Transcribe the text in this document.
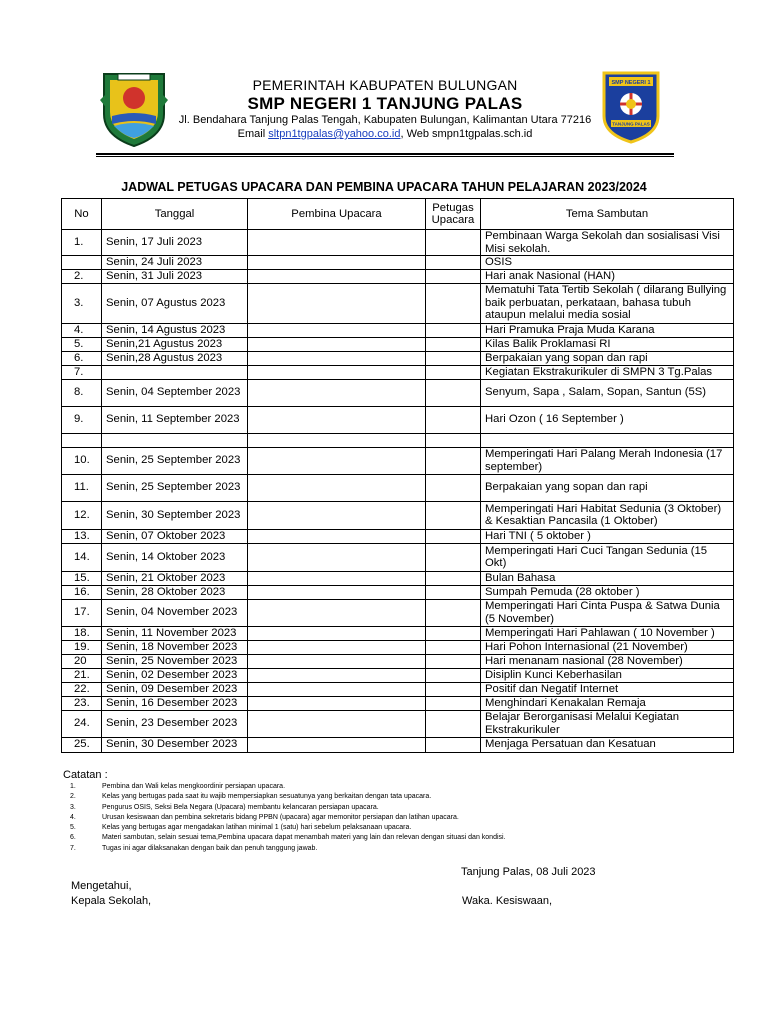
PEMERINTAH KABUPATEN BULUNGAN
SMP NEGERI 1 TANJUNG PALAS
Jl. Bendahara Tanjung Palas Tengah, Kabupaten Bulungan, Kalimantan Utara 77216
Email sltpn1tgpalas@yahoo.co.id, Web smpn1tgpalas.sch.id
SMP NEGERI 1
TANJUNG PALAS
JADWAL PETUGAS UPACARA DAN PEMBINA UPACARA TAHUN PELAJARAN 2023/2024
No	Tanggal	Pembina Upacara	Petugas Upacara	Tema Sambutan
1.	Senin, 17 Juli 2023			Pembinaan Warga Sekolah dan sosialisasi Visi Misi sekolah.
	Senin, 24 Juli 2023			OSIS
2.	Senin, 31 Juli 2023			Hari anak Nasional (HAN)
3.	Senin, 07 Agustus 2023			Mematuhi Tata Tertib Sekolah ( dilarang Bullying baik perbuatan, perkataan, bahasa tubuh ataupun melalui media sosial
4.	Senin, 14 Agustus 2023			Hari Pramuka Praja Muda Karana
5.	Senin,21 Agustus 2023			Kilas Balik Proklamasi RI
6.	Senin,28 Agustus 2023			Berpakaian yang sopan dan rapi
7.				Kegiatan Ekstrakurikuler di SMPN 3 Tg.Palas
8.	Senin, 04 September 2023			Senyum, Sapa , Salam, Sopan, Santun (5S)
9.	Senin, 11 September 2023			Hari Ozon ( 16 September )

10.	Senin, 25 September 2023			Memperingati Hari Palang Merah Indonesia (17 september)
11.	Senin, 25 September 2023			Berpakaian yang sopan dan rapi
12.	Senin, 30 September 2023			Memperingati Hari Habitat Sedunia (3 Oktober) & Kesaktian Pancasila (1 Oktober)
13.	Senin, 07 Oktober 2023			Hari TNI ( 5 oktober )
14.	Senin, 14 Oktober 2023			Memperingati Hari Cuci Tangan Sedunia (15 Okt)
15.	Senin, 21 Oktober 2023			Bulan Bahasa
16.	Senin, 28 Oktober 2023			Sumpah Pemuda (28 oktober )
17.	Senin, 04 November 2023			Memperingati Hari Cinta Puspa & Satwa Dunia (5 November)
18.	Senin, 11 November 2023			Memperingati Hari Pahlawan ( 10 November )
19.	Senin, 18 November 2023			Hari Pohon Internasional (21 November)
20	Senin, 25 November 2023			Hari menanam nasional (28 November)
21.	Senin, 02 Desember 2023			Disiplin Kunci Keberhasilan
22.	Senin, 09 Desember 2023			Positif dan Negatif Internet
23.	Senin, 16 Desember 2023			Menghindari Kenakalan Remaja
24.	Senin, 23 Desember 2023			Belajar Berorganisasi Melalui Kegiatan Ekstrakurikuler
25.	Senin, 30 Desember 2023			Menjaga Persatuan dan Kesatuan
Catatan :
1.	Pembina dan Wali kelas mengkoordinir persiapan upacara.
2.	Kelas yang bertugas pada saat itu wajib mempersiapkan sesuatunya yang berkaitan dengan tata upacara.
3.	Pengurus OSIS, Seksi Bela Negara (Upacara) membantu kelancaran persiapan upacara.
4.	Urusan kesiswaan dan pembina sekretaris bidang PPBN (upacara) agar memonitor persiapan dan latihan upacara.
5.	Kelas yang bertugas agar mengadakan latihan minimal 1 (satu) hari sebelum pelaksanaan upacara.
6.	Materi sambutan, selain sesuai tema,Pembina upacara dapat menambah materi yang lain dan relevan dengan situasi dan kondisi.
7.	Tugas ini agar dilaksanakan dengan baik dan penuh tanggung jawab.
Tanjung Palas, 08 Juli 2023
Mengetahui,
Kepala Sekolah,	Waka. Kesiswaan,
